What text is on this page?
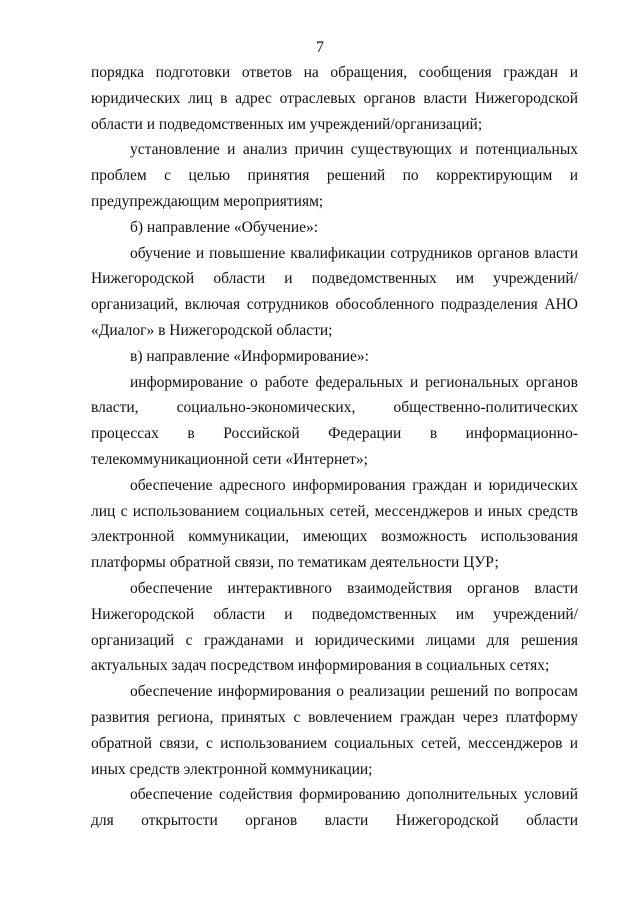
7

порядка подготовки ответов на обращения, сообщения граждан и юридических лиц в адрес отраслевых органов власти Нижегородской области и подведомственных им учреждений/организаций;

установление и анализ причин существующих и потенциальных проблем с целью принятия решений по корректирующим и предупреждающим мероприятиям;

б) направление «Обучение»:

обучение и повышение квалификации сотрудников органов власти Нижегородской области и подведомственных им учреждений/организаций, включая сотрудников обособленного подразделения АНО «Диалог» в Нижегородской области;

в) направление «Информирование»:

информирование о работе федеральных и региональных органов власти, социально-экономических, общественно-политических процессах в Российской Федерации в информационно-телекоммуникационной сети «Интернет»;

обеспечение адресного информирования граждан и юридических лиц с использованием социальных сетей, мессенджеров и иных средств электронной коммуникации, имеющих возможность использования платформы обратной связи, по тематикам деятельности ЦУР;

обеспечение интерактивного взаимодействия органов власти Нижегородской области и подведомственных им учреждений/организаций с гражданами и юридическими лицами для решения актуальных задач посредством информирования в социальных сетях;

обеспечение информирования о реализации решений по вопросам развития региона, принятых с вовлечением граждан через платформу обратной связи, с использованием социальных сетей, мессенджеров и иных средств электронной коммуникации;

обеспечение содействия формированию дополнительных условий для открытости органов власти Нижегородской области
